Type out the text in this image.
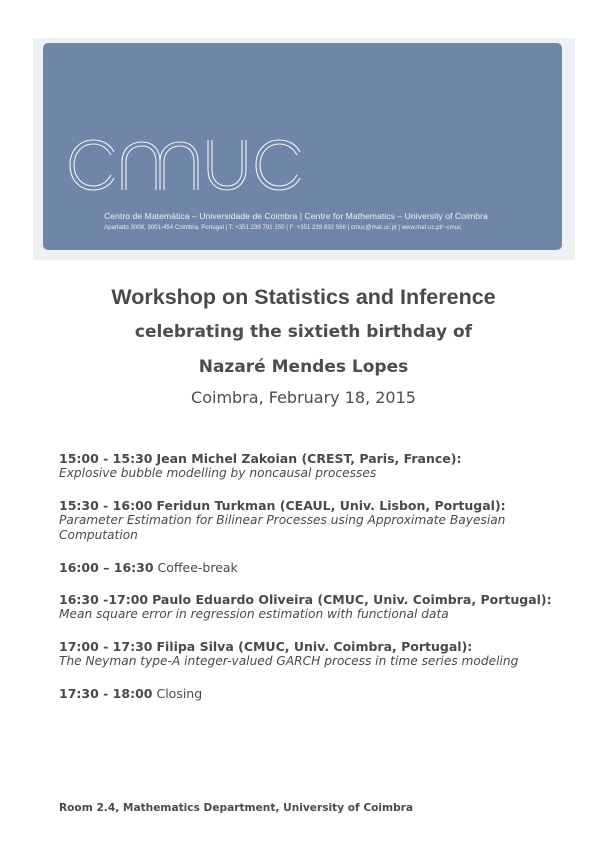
Centro de Matemática – Universidade de Coimbra | Centre for Mathematics – University of Coimbra
Apartado 3008, 3001-454 Coimbra, Portugal | T: +351 239 791 150 | F: +351 239 832 568 | cmuc@mat.uc.pt | www.mat.uc.pt/~cmuc
Workshop on Statistics and Inference
celebrating the sixtieth birthday of
Nazaré Mendes Lopes
Coimbra, February 18, 2015
15:00 - 15:30 Jean Michel Zakoian (CREST, Paris, France):
Explosive bubble modelling by noncausal processes
15:30 - 16:00 Feridun Turkman (CEAUL, Univ. Lisbon, Portugal):
Parameter Estimation for Bilinear Processes using Approximate Bayesian Computation
16:00 – 16:30 Coffee-break
16:30 -17:00 Paulo Eduardo Oliveira (CMUC, Univ. Coimbra, Portugal):
Mean square error in regression estimation with functional data
17:00 - 17:30 Filipa Silva (CMUC, Univ. Coimbra, Portugal):
The Neyman type-A integer-valued GARCH process in time series modeling
17:30 - 18:00 Closing
Room 2.4, Mathematics Department, University of Coimbra
